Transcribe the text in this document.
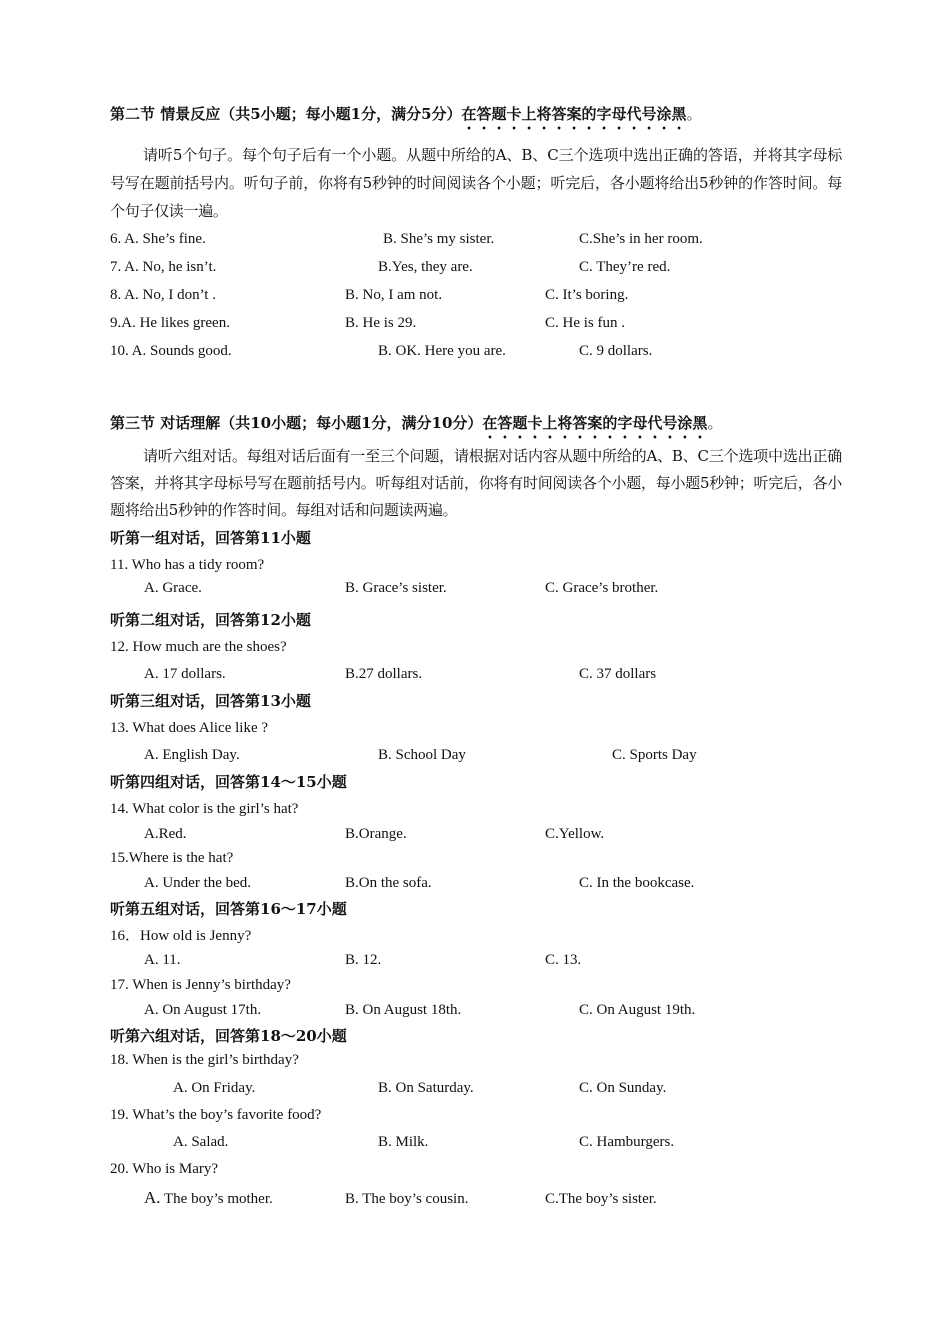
第二节 情景反应（共5小题；每小题1分，满分5分）在答题卡上将答案的字母代号涂黑。
请听5个句子。每个句子后有一个小题。从题中所给的A、B、C三个选项中选出正确的答语，并将其字母标号写在题前括号内。听句子前，你将有5秒钟的时间阅读各个小题；听完后，各小题将给出5秒钟的作答时间。每个句子仅读一遍。
6. A. She’s fine.	B. She’s my sister.	C.She’s in her room.
7. A. No, he isn’t.	B.Yes, they are.	C. They’re red.
8. A. No, I don’t .	B. No, I am not.	C. It’s boring.
9.A. He likes green.	B. He is 29.	C. He is fun .
10. A. Sounds good.	B. OK. Here you are.	C. 9 dollars.
第三节 对话理解（共10小题；每小题1分，满分10分）在答题卡上将答案的字母代号涂黑。
请听六组对话。每组对话后面有一至三个问题，请根据对话内容从题中所给的A、B、C三个选项中选出正确答案，并将其字母标号写在题前括号内。听每组对话前，你将有时间阅读各个小题，每小题5秒钟；听完后，各小题将给出5秒钟的作答时间。每组对话和问题读两遍。
听第一组对话，回答第11小题
11. Who has a tidy room?
A. Grace.	B. Grace’s sister.	C. Grace’s brother.
听第二组对话，回答第12小题
12. How much are the shoes?
A. 17 dollars.	B.27 dollars.	C. 37 dollars
听第三组对话，回答第13小题
13. What does Alice like ?
A. English Day.	B. School Day	C. Sports Day
听第四组对话，回答第14～15小题
14. What color is the girl’s hat?
A.Red.	B.Orange.	C.Yellow.
15.Where is the hat?
A. Under the bed.	B.On the sofa.	C. In the bookcase.
听第五组对话，回答第16～17小题
16．How old is Jenny?
A. 11.	B. 12.	C. 13.
17. When is Jenny’s birthday?
A. On August 17th.	B. On August 18th.	C. On August 19th.
听第六组对话，回答第18～20小题
18. When is the girl’s birthday?
A. On Friday.	B. On Saturday.	C. On Sunday.
19. What’s the boy’s favorite food?
A. Salad.	B. Milk.	C. Hamburgers.
20. Who is Mary?
A. The boy’s mother.	B. The boy’s cousin.	C.The boy’s sister.
